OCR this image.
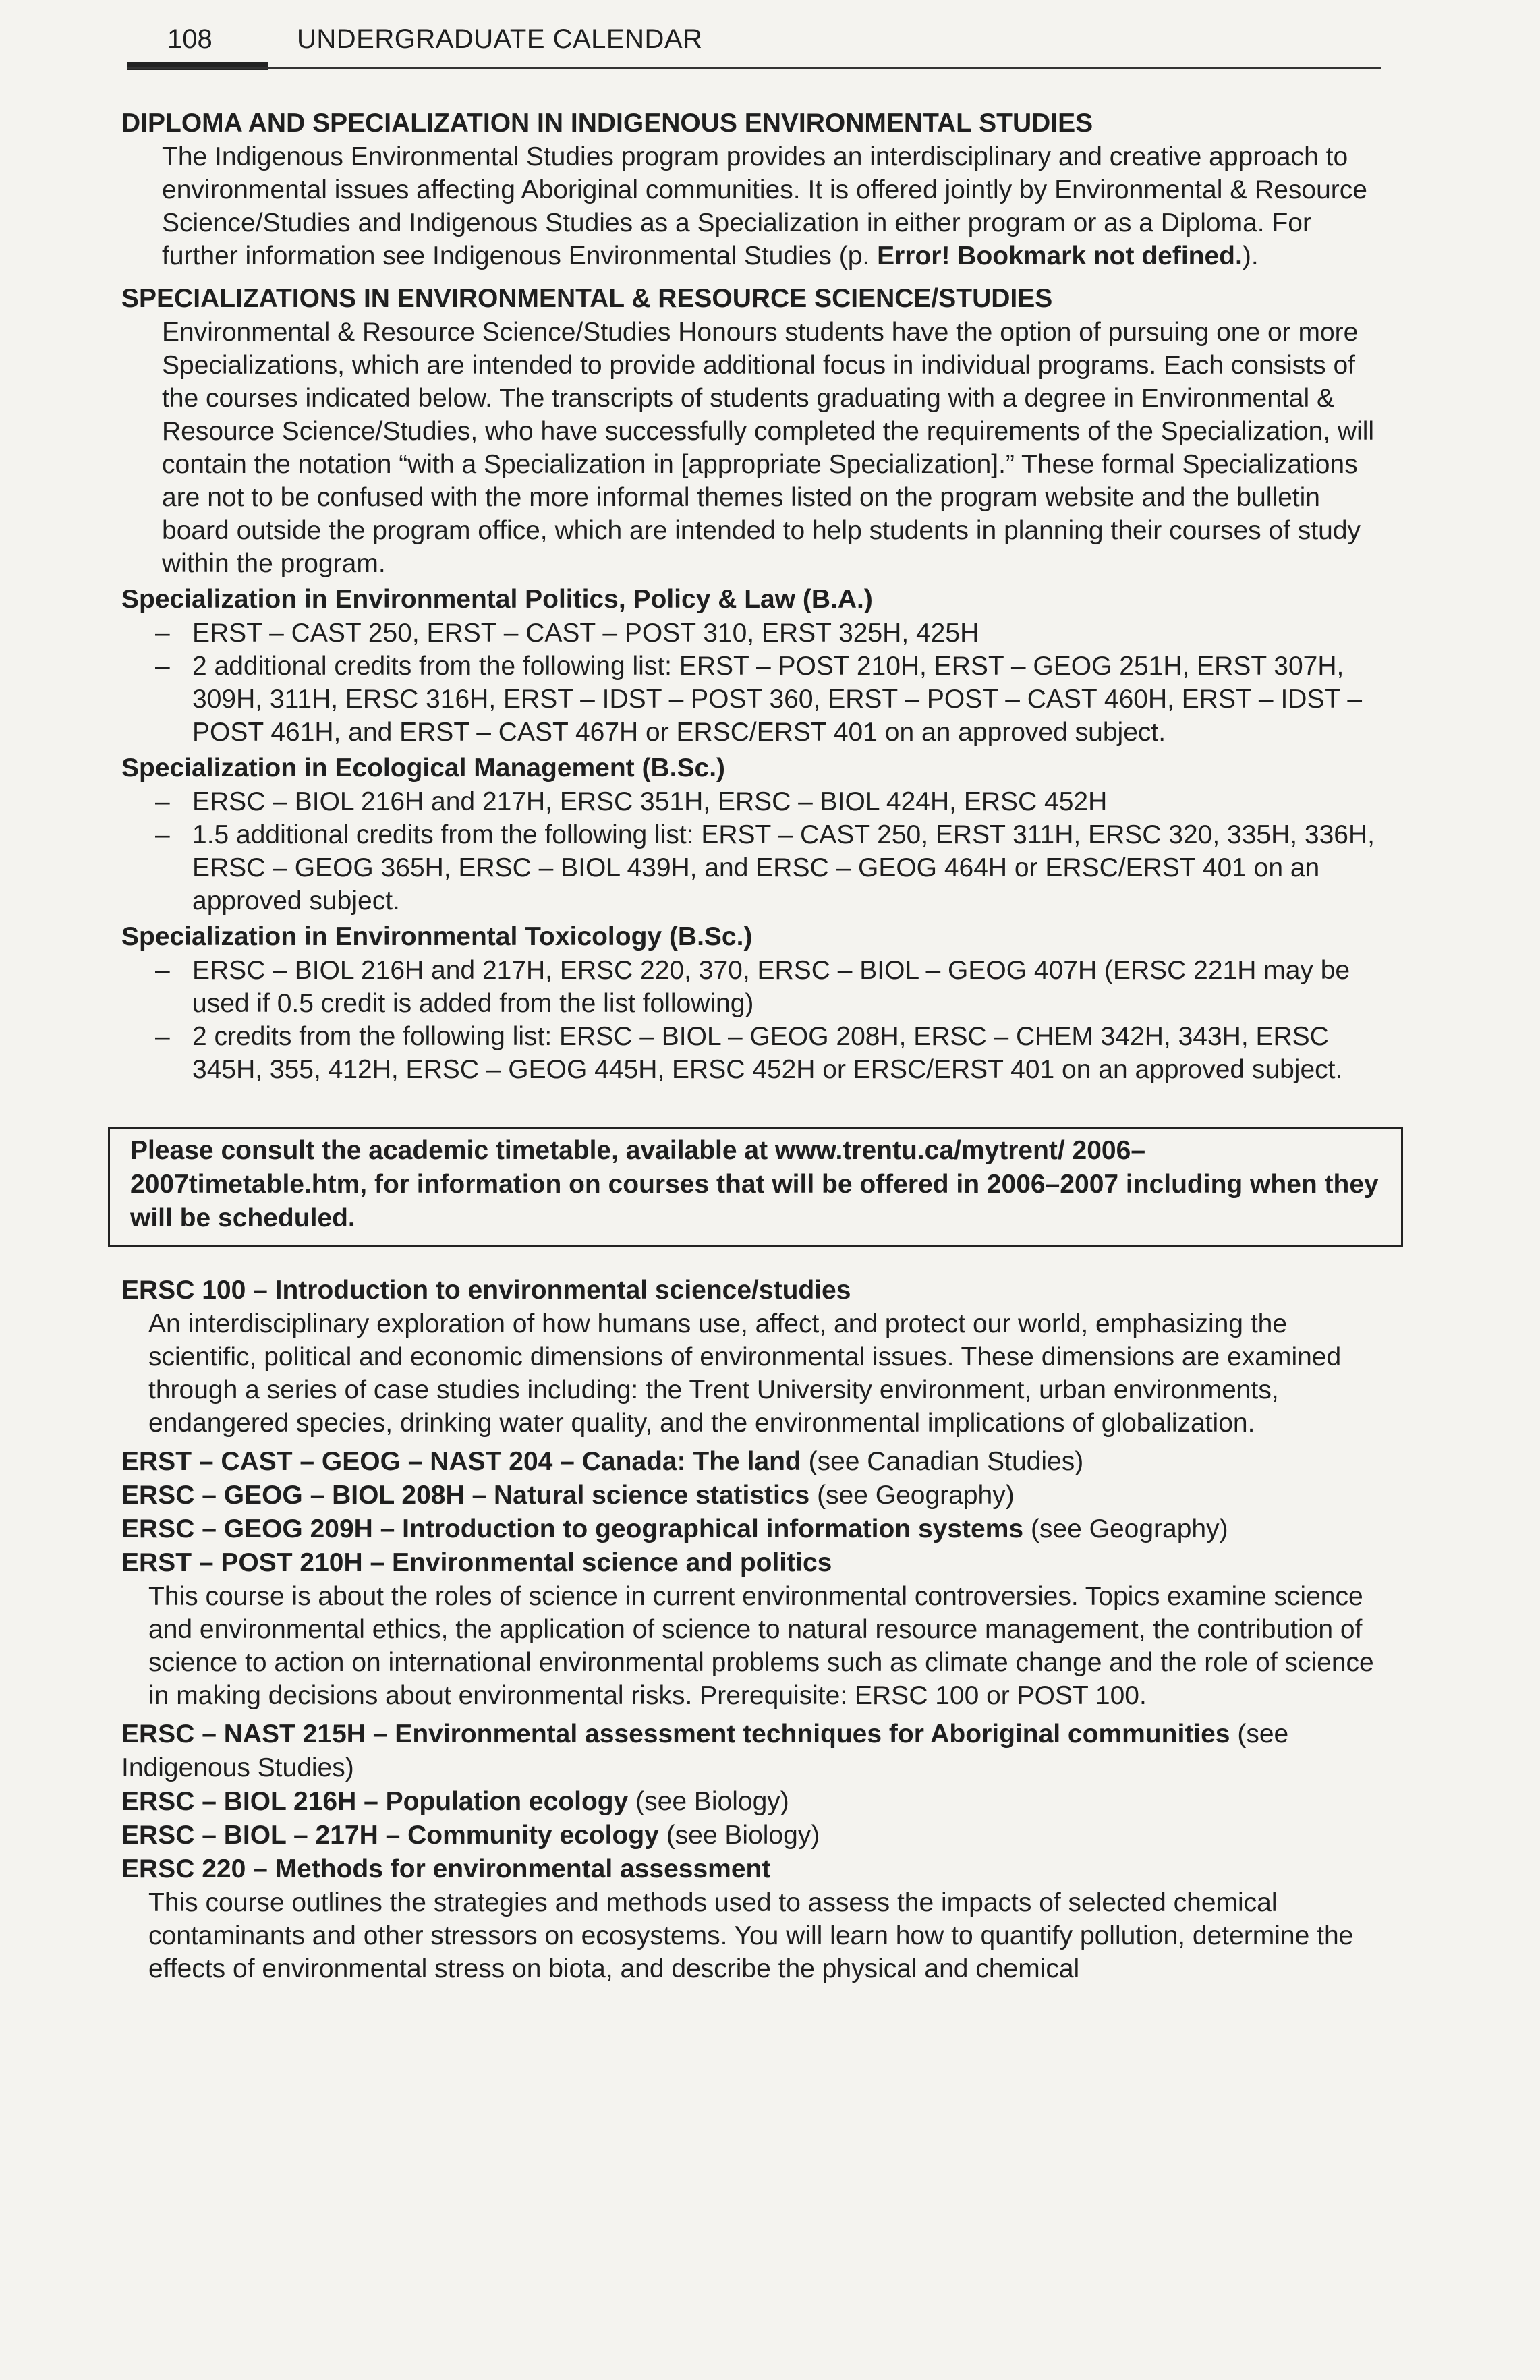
108	UNDERGRADUATE CALENDAR
DIPLOMA AND SPECIALIZATION IN INDIGENOUS ENVIRONMENTAL STUDIES

The Indigenous Environmental Studies program provides an interdisciplinary and creative approach to environmental issues affecting Aboriginal communities. It is offered jointly by Environmental & Resource Science/Studies and Indigenous Studies as a Specialization in either program or as a Diploma. For further information see Indigenous Environmental Studies (p. Error! Bookmark not defined.).

SPECIALIZATIONS IN ENVIRONMENTAL & RESOURCE SCIENCE/STUDIES

Environmental & Resource Science/Studies Honours students have the option of pursuing one or more Specializations, which are intended to provide additional focus in individual programs. Each consists of the courses indicated below. The transcripts of students graduating with a degree in Environmental & Resource Science/Studies, who have successfully completed the requirements of the Specialization, will contain the notation “with a Specialization in [appropriate Specialization].” These formal Specializations are not to be confused with the more informal themes listed on the program website and the bulletin board outside the program office, which are intended to help students in planning their courses of study within the program.

Specialization in Environmental Politics, Policy & Law (B.A.)
– ERST – CAST 250, ERST – CAST – POST 310, ERST 325H, 425H
– 2 additional credits from the following list: ERST – POST 210H, ERST – GEOG 251H, ERST 307H, 309H, 311H, ERSC 316H, ERST – IDST – POST 360, ERST – POST – CAST 460H, ERST – IDST – POST 461H, and ERST – CAST 467H or ERSC/ERST 401 on an approved subject.
Specialization in Ecological Management (B.Sc.)
– ERSC – BIOL 216H and 217H, ERSC 351H, ERSC – BIOL 424H, ERSC 452H
– 1.5 additional credits from the following list: ERST – CAST 250, ERST 311H, ERSC 320, 335H, 336H, ERSC – GEOG 365H, ERSC – BIOL 439H, and ERSC – GEOG 464H or ERSC/ERST 401 on an approved subject.
Specialization in Environmental Toxicology (B.Sc.)
– ERSC – BIOL 216H and 217H, ERSC 220, 370, ERSC – BIOL – GEOG 407H (ERSC 221H may be used if 0.5 credit is added from the list following)
– 2 credits from the following list: ERSC – BIOL – GEOG 208H, ERSC – CHEM 342H, 343H, ERSC 345H, 355, 412H, ERSC – GEOG 445H, ERSC 452H or ERSC/ERST 401 on an approved subject.
Please consult the academic timetable, available at www.trentu.ca/mytrent/ 2006–2007timetable.htm, for information on courses that will be offered in 2006–2007 including when they will be scheduled.

ERSC 100 – Introduction to environmental science/studies

An interdisciplinary exploration of how humans use, affect, and protect our world, emphasizing the scientific, political and economic dimensions of environmental issues. These dimensions are examined through a series of case studies including: the Trent University environment, urban environments, endangered species, drinking water quality, and the environmental implications of globalization.

ERST – CAST – GEOG – NAST 204 – Canada: The land (see Canadian Studies)

ERSC – GEOG – BIOL 208H – Natural science statistics (see Geography)

ERSC – GEOG 209H – Introduction to geographical information systems (see Geography)

ERST – POST 210H – Environmental science and politics

This course is about the roles of science in current environmental controversies. Topics examine science and environmental ethics, the application of science to natural resource management, the contribution of science to action on international environmental problems such as climate change and the role of science in making decisions about environmental risks. Prerequisite: ERSC 100 or POST 100.

ERSC – NAST 215H – Environmental assessment techniques for Aboriginal communities (see Indigenous Studies)

ERSC – BIOL 216H – Population ecology (see Biology)

ERSC – BIOL – 217H – Community ecology (see Biology)

ERSC 220 – Methods for environmental assessment

This course outlines the strategies and methods used to assess the impacts of selected chemical contaminants and other stressors on ecosystems. You will learn how to quantify pollution, determine the effects of environmental stress on biota, and describe the physical and chemical
